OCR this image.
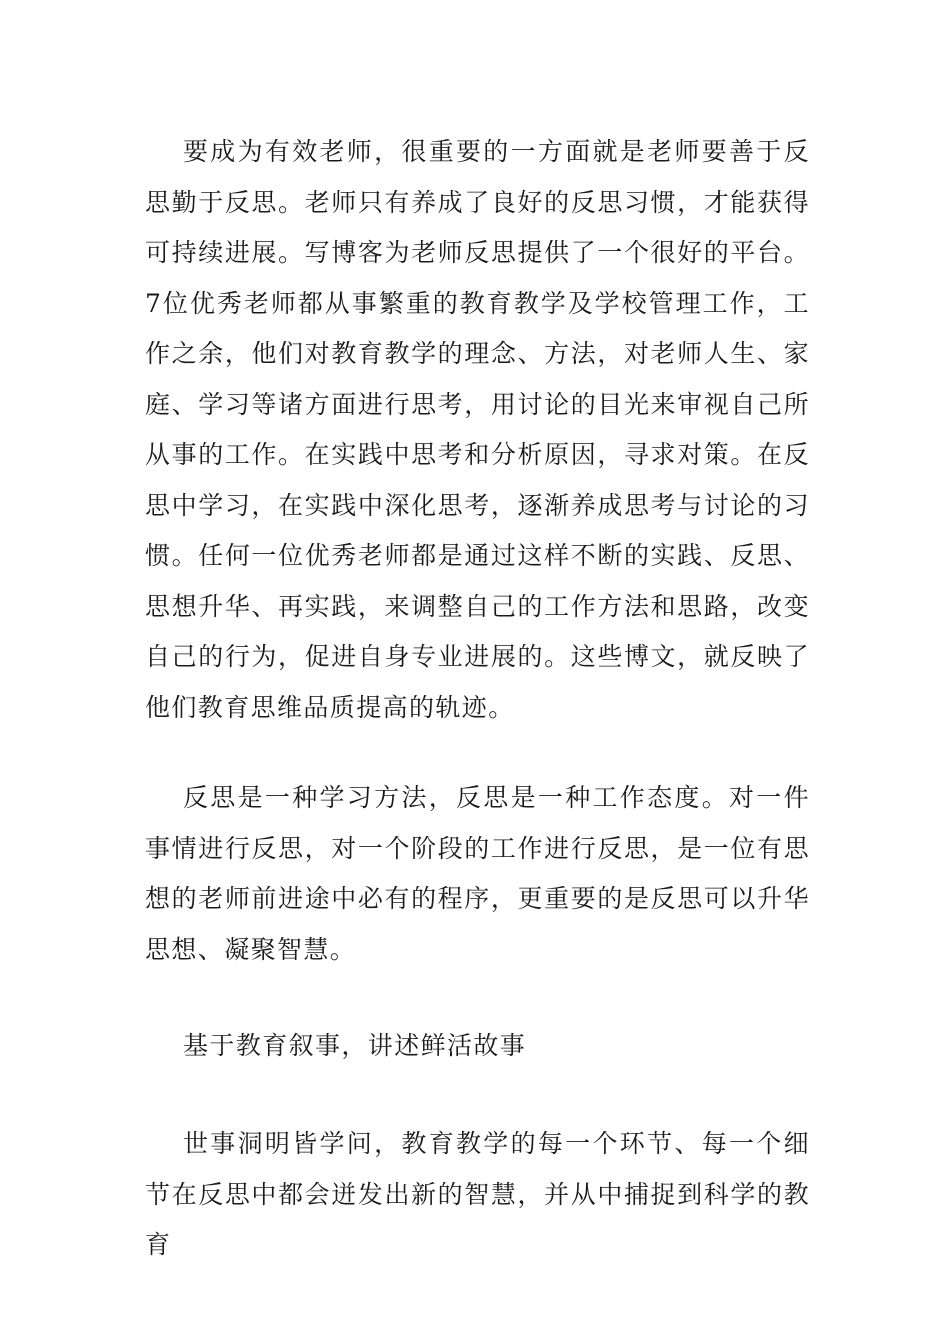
要成为有效老师，很重要的一方面就是老师要善于反思勤于反思。老师只有养成了良好的反思习惯，才能获得可持续进展。写博客为老师反思提供了一个很好的平台。7位优秀老师都从事繁重的教育教学及学校管理工作，工作之余，他们对教育教学的理念、方法，对老师人生、家庭、学习等诸方面进行思考，用讨论的目光来审视自己所从事的工作。在实践中思考和分析原因，寻求对策。在反思中学习，在实践中深化思考，逐渐养成思考与讨论的习惯。任何一位优秀老师都是通过这样不断的实践、反思、思想升华、再实践，来调整自己的工作方法和思路，改变自己的行为，促进自身专业进展的。这些博文，就反映了他们教育思维品质提高的轨迹。

反思是一种学习方法，反思是一种工作态度。对一件事情进行反思，对一个阶段的工作进行反思，是一位有思想的老师前进途中必有的程序，更重要的是反思可以升华思想、凝聚智慧。

基于教育叙事，讲述鲜活故事

世事洞明皆学问，教育教学的每一个环节、每一个细节在反思中都会迸发出新的智慧，并从中捕捉到科学的教育
